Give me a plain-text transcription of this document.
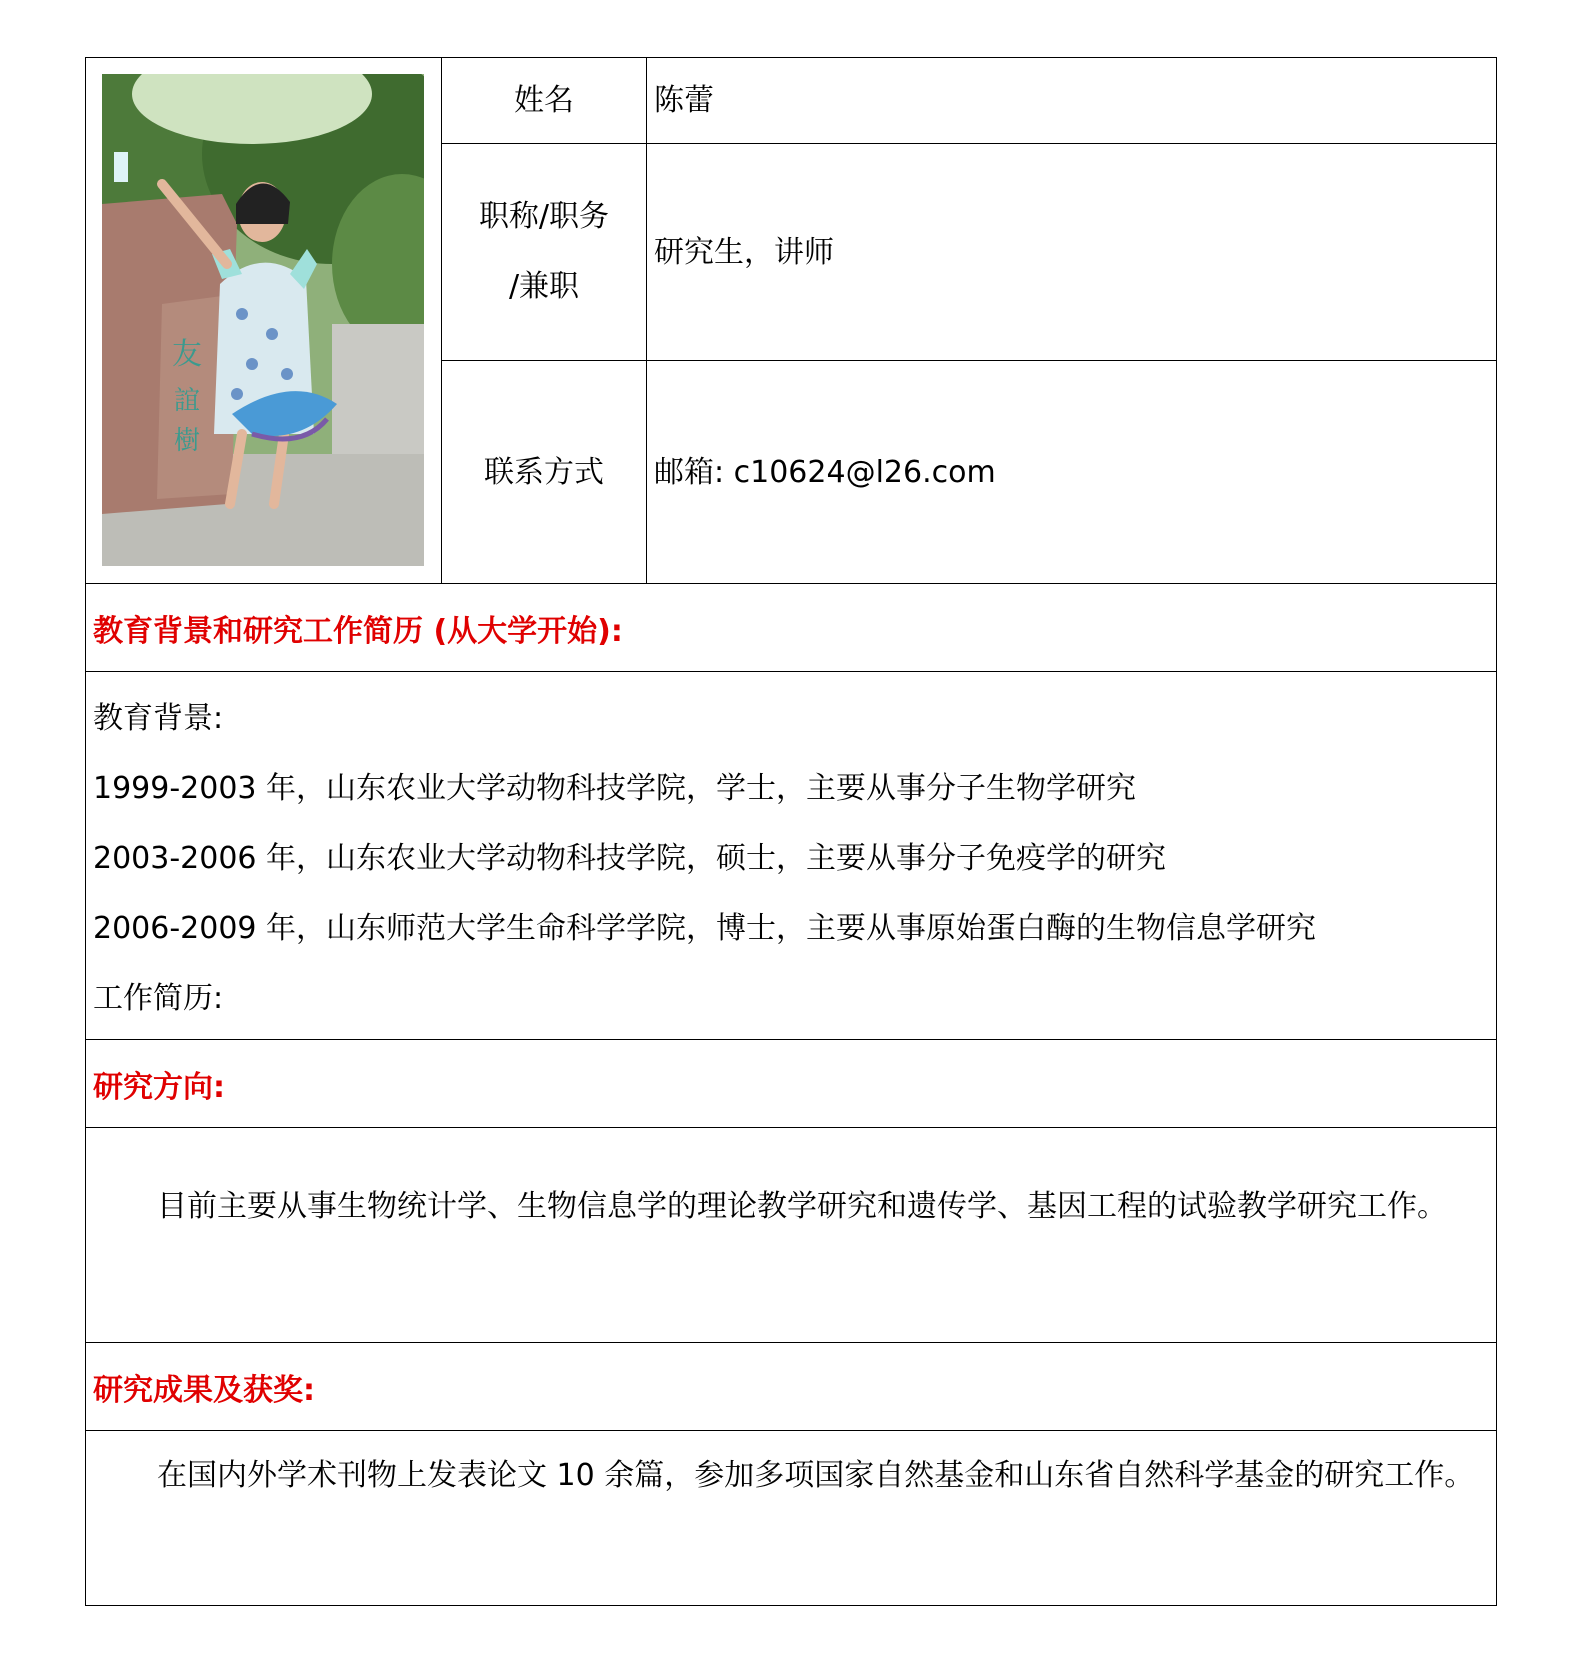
友
誼
樹
姓名	陈蕾
职称/职务
/兼职
研究生，讲师
联系方式 邮箱: c10624@l26.com
教育背景和研究工作简历 (从大学开始):
教育背景:
1999-2003 年，山东农业大学动物科技学院，学士，主要从事分子生物学研究
2003-2006 年，山东农业大学动物科技学院，硕士，主要从事分子免疫学的研究
2006-2009 年，山东师范大学生命科学学院，博士，主要从事原始蛋白酶的生物信息学研究
工作简历:
研究方向:

目前主要从事生物统计学、生物信息学的理论教学研究和遗传学、基因工程的试验教学研究工作。

研究成果及获奖:

在国内外学术刊物上发表论文 10 余篇，参加多项国家自然基金和山东省自然科学基金的研究工作。
